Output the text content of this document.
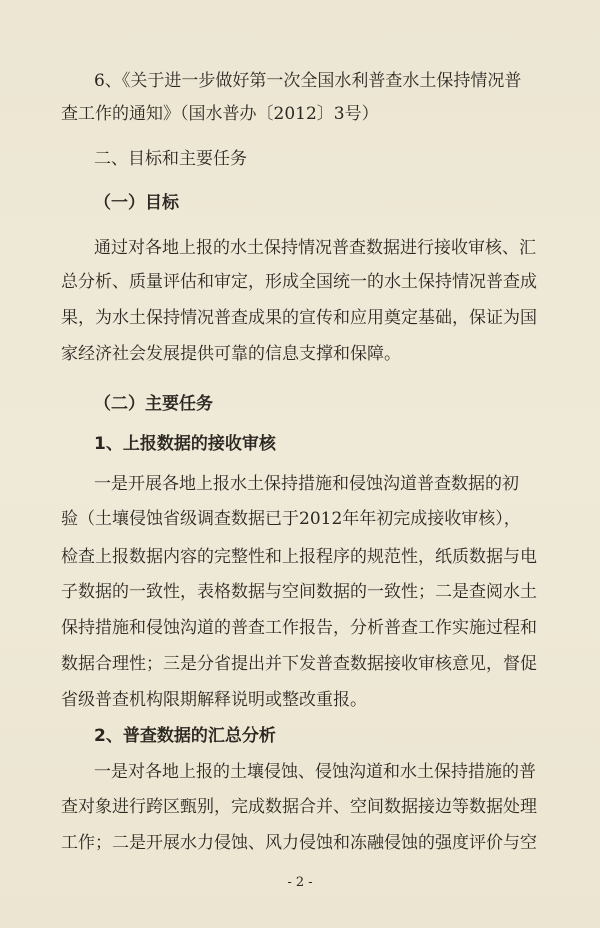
6、《关于进一步做好第一次全国水利普查水土保持情况普
查工作的通知》（国水普办〔2012〕3号）
二、目标和主要任务
（一）目标
通过对各地上报的水土保持情况普查数据进行接收审核、汇
总分析、质量评估和审定，形成全国统一的水土保持情况普查成
果，为水土保持情况普查成果的宣传和应用奠定基础，保证为国
家经济社会发展提供可靠的信息支撑和保障。
（二）主要任务
1、上报数据的接收审核
一是开展各地上报水土保持措施和侵蚀沟道普查数据的初
验（土壤侵蚀省级调查数据已于2012年年初完成接收审核），
检查上报数据内容的完整性和上报程序的规范性，纸质数据与电
子数据的一致性，表格数据与空间数据的一致性；二是查阅水土
保持措施和侵蚀沟道的普查工作报告，分析普查工作实施过程和
数据合理性；三是分省提出并下发普查数据接收审核意见，督促
省级普查机构限期解释说明或整改重报。
2、普查数据的汇总分析
一是对各地上报的土壤侵蚀、侵蚀沟道和水土保持措施的普
查对象进行跨区甄别，完成数据合并、空间数据接边等数据处理
工作；二是开展水力侵蚀、风力侵蚀和冻融侵蚀的强度评价与空
- 2 -
